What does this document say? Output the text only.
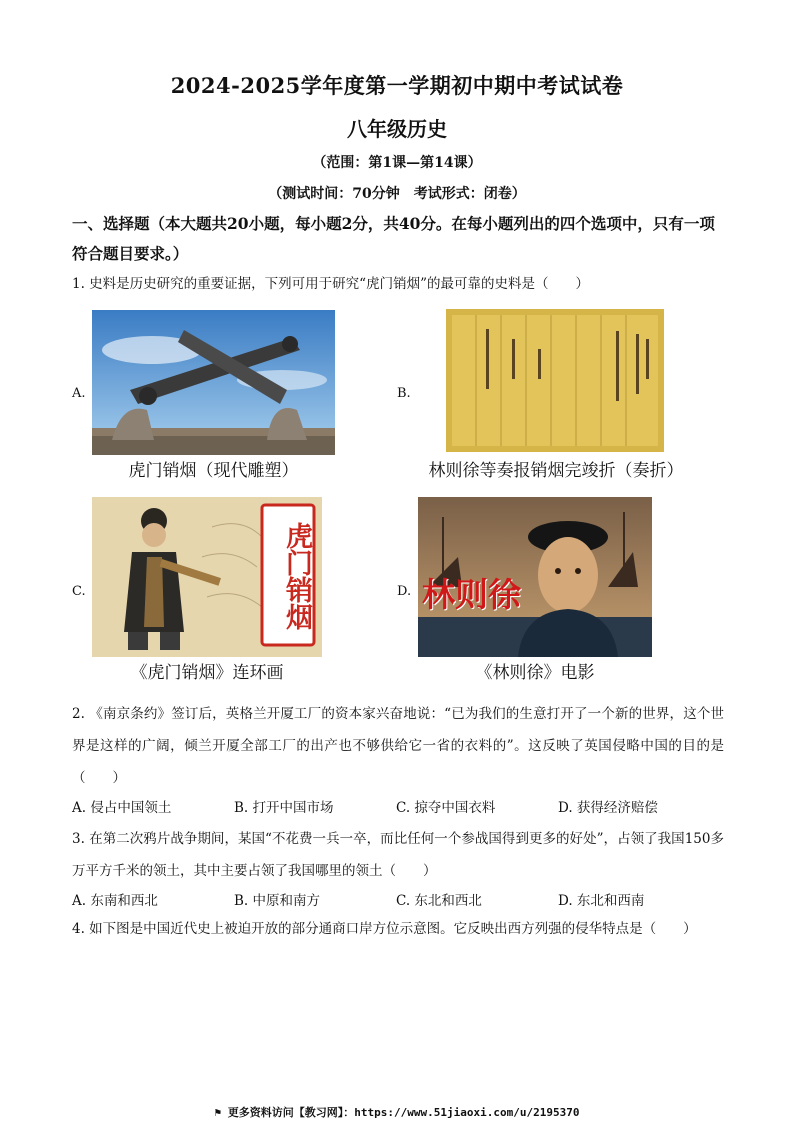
2024-2025学年度第一学期初中期中考试试卷
八年级历史
（范围：第1课—第14课）
（测试时间：70分钟　考试形式：闭卷）
一、选择题（本大题共20小题，每小题2分，共40分。在每小题列出的四个选项中，只有一项符合题目要求。）
1. 史料是历史研究的重要证据，下列可用于研究“虎门销烟”的最可靠的史料是（　　）
A.
虎门销烟（现代雕塑）
B.
林则徐等奏报销烟完竣折（奏折）
C.	虎门销烟
《虎门销烟》连环画
D. 林则徐
《林则徐》电影
2. 《南京条约》签订后，英格兰开厦工厂的资本家兴奋地说：“已为我们的生意打开了一个新的世界，这个世界是这样的广阔，倾兰开厦全部工厂的出产也不够供给它一省的衣料的”。这反映了英国侵略中国的目的是（　　）
A. 侵占中国领土	B. 打开中国市场	C. 掠夺中国衣料	D. 获得经济赔偿
3. 在第二次鸦片战争期间，某国“不花费一兵一卒，而比任何一个参战国得到更多的好处”，占领了我国150多万平方千米的领土，其中主要占领了我国哪里的领土（　　）
A. 东南和西北	B. 中原和南方	C. 东北和西北	D. 东北和西南
4. 如下图是中国近代史上被迫开放的部分通商口岸方位示意图。它反映出西方列强的侵华特点是（　　）
⚑ 更多资料访问【教习网】：https://www.51jiaoxi.com/u/2195370
